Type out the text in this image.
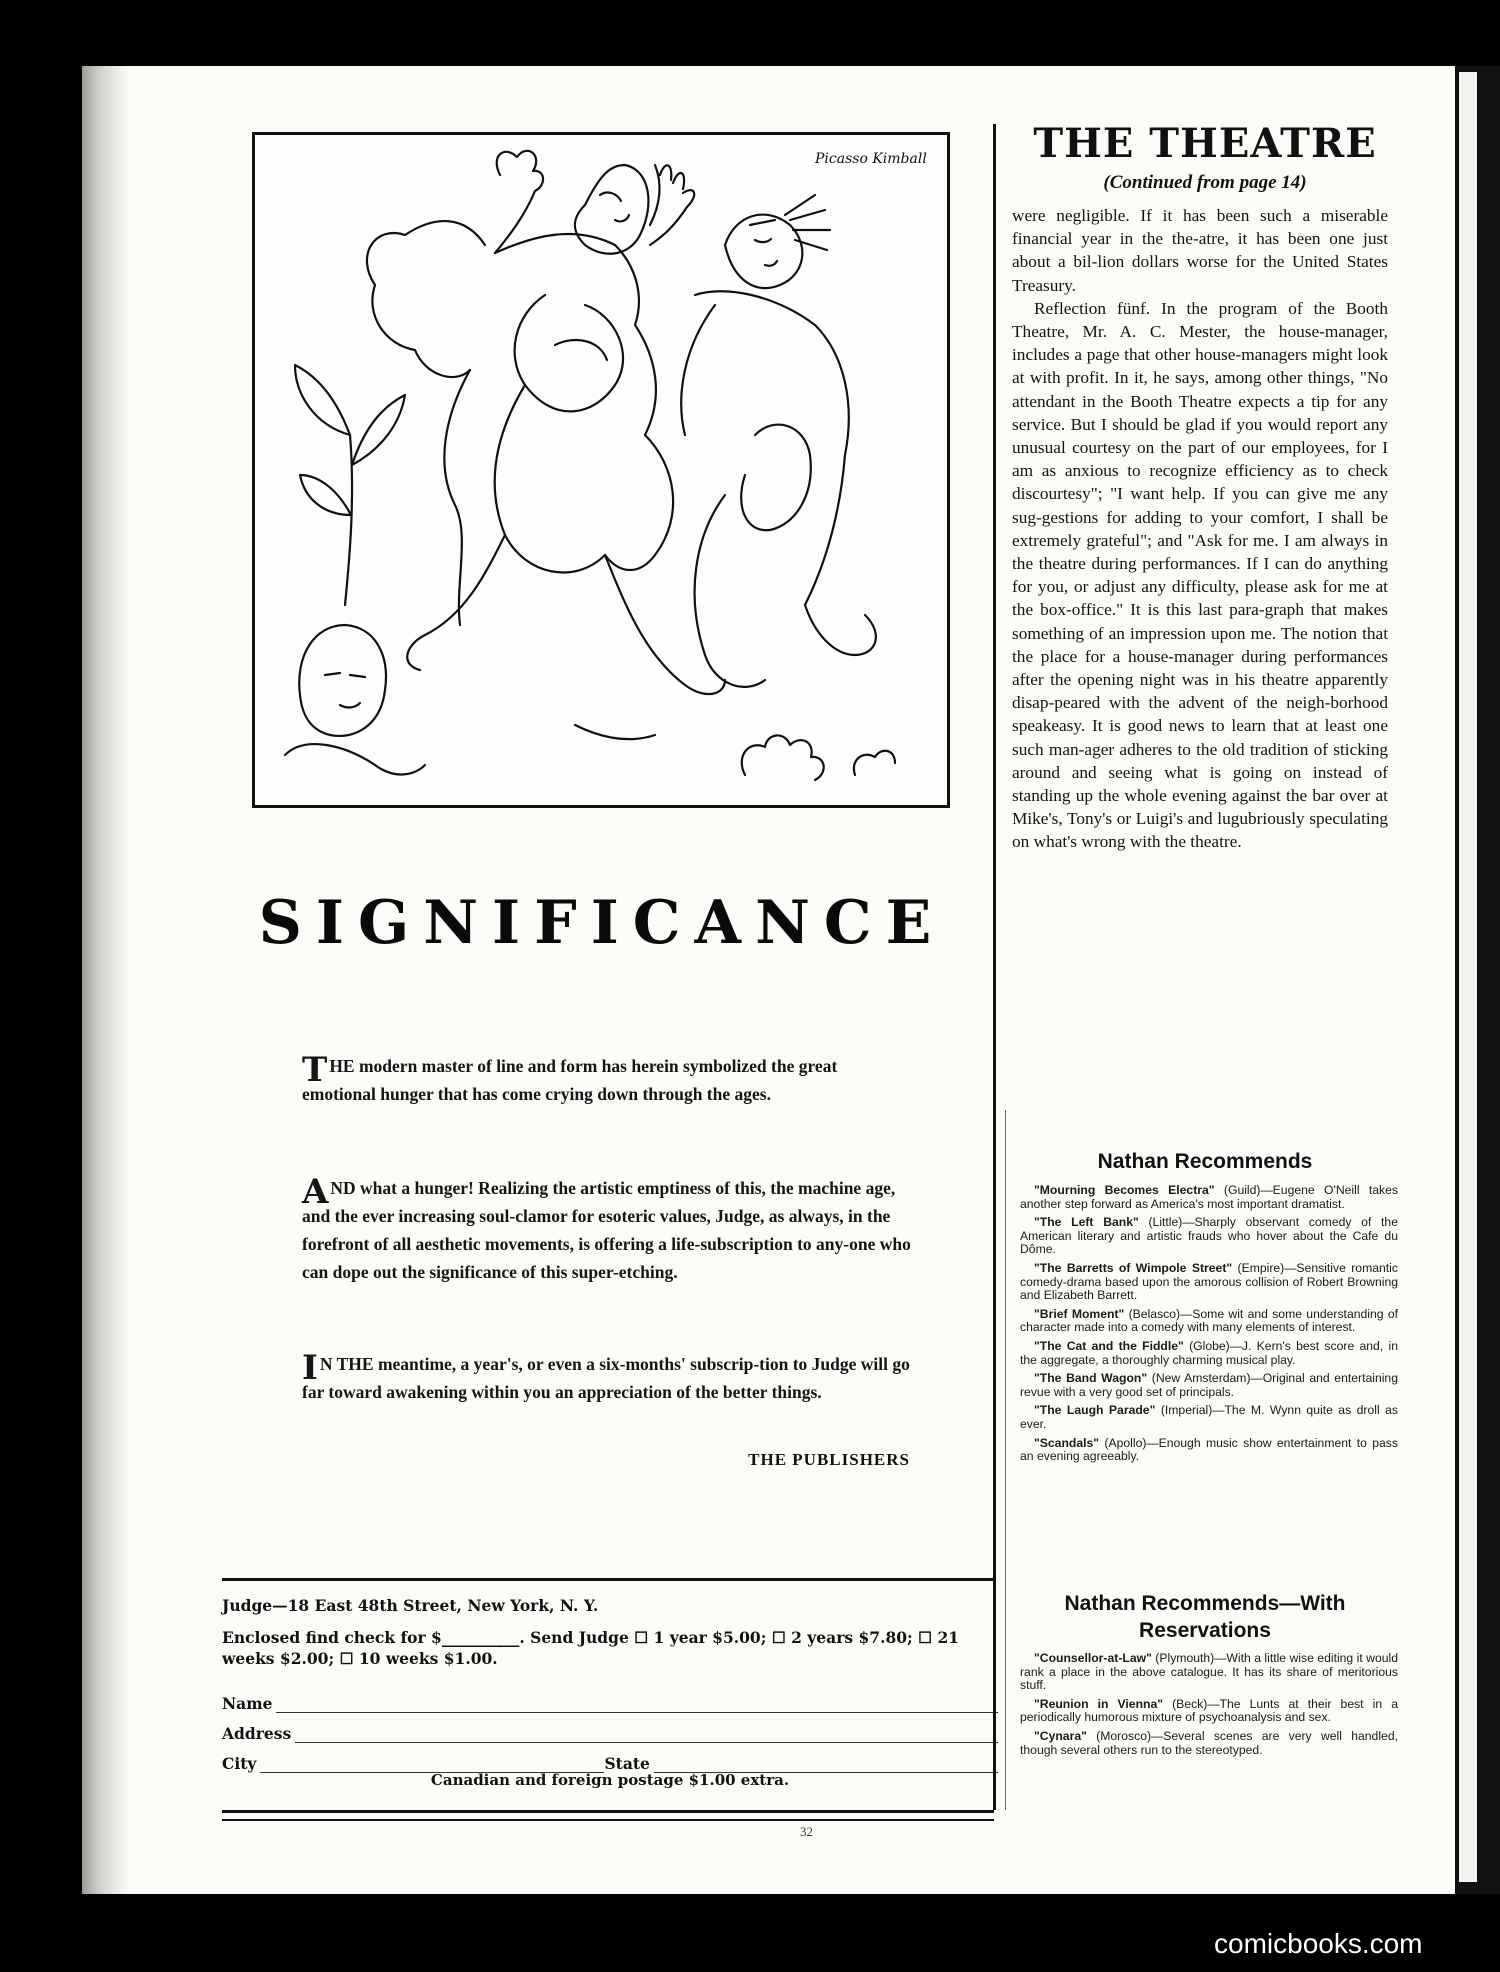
Picasso Kimball
SIGNIFICANCE
THE modern master of line and form has herein symbolized the great emotional hunger that has come crying down through the ages.
AND what a hunger! Realizing the artistic emptiness of this, the machine age, and the ever increasing soul-clamor for esoteric values, Judge, as always, in the forefront of all aesthetic movements, is offering a life-subscription to any-one who can dope out the significance of this super-etching.
I N THE meantime, a year's, or even a six-months' subscrip-tion to Judge will go far toward awakening within you an appreciation of the better things.
THE PUBLISHERS
Judge—18 East 48th Street, New York, N. Y.
Enclosed find check for $__________. Send Judge ☐ 1 year $5.00; ☐ 2 years $7.80; ☐ 21 weeks $2.00; ☐ 10 weeks $1.00.
Name
Address
City	State
Canadian and foreign postage $1.00 extra.
32
THE THEATRE
(Continued from page 14)

were negligible. If it has been such a miserable financial year in the the-atre, it has been one just about a bil-lion dollars worse for the United States Treasury.

Reflection fünf. In the program of the Booth Theatre, Mr. A. C. Mester, the house-manager, includes a page that other house-managers might look at with profit. In it, he says, among other things, "No attendant in the Booth Theatre expects a tip for any service. But I should be glad if you would report any unusual courtesy on the part of our employees, for I am as anxious to recognize efficiency as to check discourtesy"; "I want help. If you can give me any sug-gestions for adding to your comfort, I shall be extremely grateful"; and "Ask for me. I am always in the theatre during performances. If I can do anything for you, or adjust any difficulty, please ask for me at the box-office." It is this last para-graph that makes something of an impression upon me. The notion that the place for a house-manager during performances after the opening night was in his theatre apparently disap-peared with the advent of the neigh-borhood speakeasy. It is good news to learn that at least one such man-ager adheres to the old tradition of sticking around and seeing what is going on instead of standing up the whole evening against the bar over at Mike's, Tony's or Luigi's and lugubriously speculating on what's wrong with the theatre.

Nathan Recommends
"Mourning Becomes Electra" (Guild)—Eugene O'Neill takes another step forward as America's most important dramatist.
"The Left Bank" (Little)—Sharply observant comedy of the American literary and artistic frauds who hover about the Cafe du Dôme.
"The Barretts of Wimpole Street" (Empire)—Sensitive romantic comedy-drama based upon the amorous collision of Robert Browning and Elizabeth Barrett.
"Brief Moment" (Belasco)—Some wit and some understanding of character made into a comedy with many elements of interest.
"The Cat and the Fiddle" (Globe)—J. Kern's best score and, in the aggregate, a thoroughly charming musical play.
"The Band Wagon" (New Amsterdam)—Original and entertaining revue with a very good set of principals.
"The Laugh Parade" (Imperial)—The M. Wynn quite as droll as ever.
"Scandals" (Apollo)—Enough music show entertainment to pass an evening agreeably.
Nathan Recommends—With Reservations
"Counsellor-at-Law" (Plymouth)—With a little wise editing it would rank a place in the above catalogue. It has its share of meritorious stuff.
"Reunion in Vienna" (Beck)—The Lunts at their best in a periodically humorous mixture of psychoanalysis and sex.
"Cynara" (Morosco)—Several scenes are very well handled, though several others run to the stereotyped.
comicbooks.com
